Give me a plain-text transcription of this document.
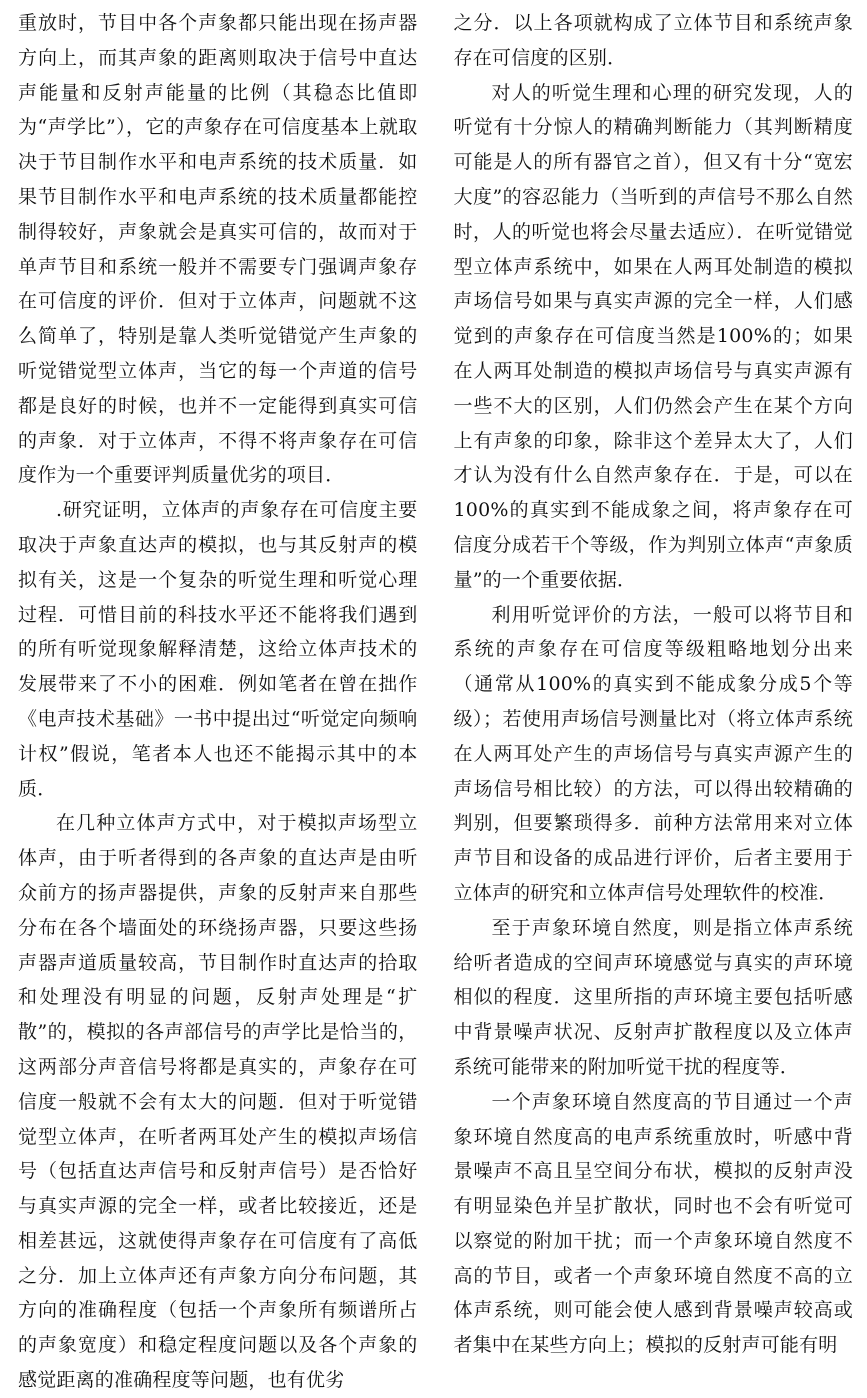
重放时，节目中各个声象都只能出现在扬声器方向上，而其声象的距离则取决于信号中直达声能量和反射声能量的比例（其稳态比值即为“声学比”），它的声象存在可信度基本上就取决于节目制作水平和电声系统的技术质量．如果节目制作水平和电声系统的技术质量都能控制得较好，声象就会是真实可信的，故而对于单声节目和系统一般并不需要专门强调声象存在可信度的评价．但对于立体声，问题就不这么简单了，特别是靠人类听觉错觉产生声象的听觉错觉型立体声，当它的每一个声道的信号都是良好的时候，也并不一定能得到真实可信的声象．对于立体声，不得不将声象存在可信度作为一个重要评判质量优劣的项目．

.研究证明，立体声的声象存在可信度主要取决于声象直达声的模拟，也与其反射声的模拟有关，这是一个复杂的听觉生理和听觉心理过程．可惜目前的科技水平还不能将我们遇到的所有听觉现象解释清楚，这给立体声技术的发展带来了不小的困难．例如笔者在曾在拙作《电声技术基础》一书中提出过“听觉定向频响计权”假说，笔者本人也还不能揭示其中的本质．

在几种立体声方式中，对于模拟声场型立体声，由于听者得到的各声象的直达声是由听众前方的扬声器提供，声象的反射声来自那些分布在各个墙面处的环绕扬声器，只要这些扬声器声道质量较高，节目制作时直达声的拾取和处理没有明显的问题，反射声处理是“扩散”的，模拟的各声部信号的声学比是恰当的，这两部分声音信号将都是真实的，声象存在可信度一般就不会有太大的问题．但对于听觉错觉型立体声，在听者两耳处产生的模拟声场信号（包括直达声信号和反射声信号）是否恰好与真实声源的完全一样，或者比较接近，还是相差甚远，这就使得声象存在可信度有了高低之分．加上立体声还有声象方向分布问题，其方向的准确程度（包括一个声象所有频谱所占的声象宽度）和稳定程度问题以及各个声象的感觉距离的准确程度等问题，也有优劣

之分．以上各项就构成了立体节目和系统声象存在可信度的区别．

对人的听觉生理和心理的研究发现，人的听觉有十分惊人的精确判断能力（其判断精度可能是人的所有器官之首），但又有十分“宽宏大度”的容忍能力（当听到的声信号不那么自然时，人的听觉也将会尽量去适应）．在听觉错觉型立体声系统中，如果在人两耳处制造的模拟声场信号如果与真实声源的完全一样，人们感觉到的声象存在可信度当然是100%的；如果在人两耳处制造的模拟声场信号与真实声源有一些不大的区别，人们仍然会产生在某个方向上有声象的印象，除非这个差异太大了，人们才认为没有什么自然声象存在．于是，可以在100%的真实到不能成象之间，将声象存在可信度分成若干个等级，作为判别立体声“声象质量”的一个重要依据．

利用听觉评价的方法，一般可以将节目和系统的声象存在可信度等级粗略地划分出来（通常从100%的真实到不能成象分成5个等级）；若使用声场信号测量比对（将立体声系统在人两耳处产生的声场信号与真实声源产生的声场信号相比较）的方法，可以得出较精确的判别，但要繁琐得多．前种方法常用来对立体声节目和设备的成品进行评价，后者主要用于立体声的研究和立体声信号处理软件的校准．

至于声象环境自然度，则是指立体声系统给听者造成的空间声环境感觉与真实的声环境相似的程度．这里所指的声环境主要包括听感中背景噪声状况、反射声扩散程度以及立体声系统可能带来的附加听觉干扰的程度等．

一个声象环境自然度高的节目通过一个声象环境自然度高的电声系统重放时，听感中背景噪声不高且呈空间分布状，模拟的反射声没有明显染色并呈扩散状，同时也不会有听觉可以察觉的附加干扰；而一个声象环境自然度不高的节目，或者一个声象环境自然度不高的立体声系统，则可能会使人感到背景噪声较高或者集中在某些方向上；模拟的反射声可能有明
